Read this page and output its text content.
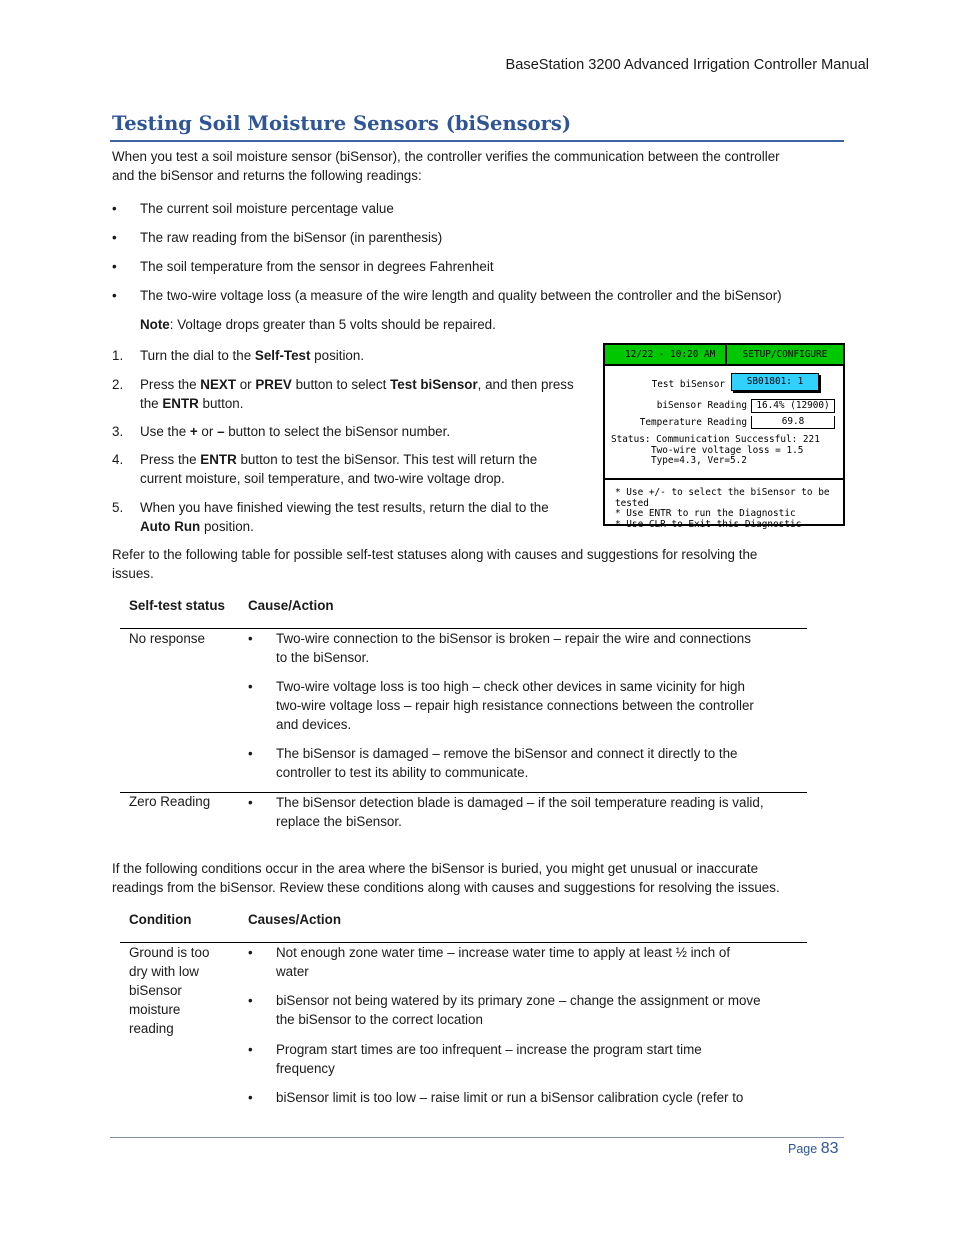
BaseStation 3200 Advanced Irrigation Controller Manual
Testing Soil Moisture Sensors (biSensors)
When you test a soil moisture sensor (biSensor), the controller verifies the communication between the controller
and the biSensor and returns the following readings:
• The current soil moisture percentage value
• The raw reading from the biSensor (in parenthesis)
• The soil temperature from the sensor in degrees Fahrenheit
• The two-wire voltage loss (a measure of the wire length and quality between the controller and the biSensor)
Note: Voltage drops greater than 5 volts should be repaired.
1. Turn the dial to the Self-Test position.
2. Press the NEXT or PREV button to select Test biSensor, and then press
the ENTR button.
3. Use the + or – button to select the biSensor number.
4. Press the ENTR button to test the biSensor. This test will return the
current moisture, soil temperature, and two-wire voltage drop.
5. When you have finished viewing the test results, return the dial to the
Auto Run position.
12/22 - 10:20 AM	SETUP/CONFIGURE
Test biSensor	SB01801: 1
biSensor Reading 16.4% (12900)
Temperature Reading	69.8
Status: Communication Successful: 221
Two-wire voltage loss = 1.5
Type=4.3, Ver=5.2
* Use +/- to select the biSensor to be tested
* Use ENTR to run the Diagnostic
* Use CLR to Exit this Diagnostic
Refer to the following table for possible self-test statuses along with causes and suggestions for resolving the
issues.
Self-test status Cause/Action
No response	• Two-wire connection to the biSensor is broken – repair the wire and connections
to the biSensor.
• Two-wire voltage loss is too high – check other devices in same vicinity for high
two-wire voltage loss – repair high resistance connections between the controller
and devices.
• The biSensor is damaged – remove the biSensor and connect it directly to the
controller to test its ability to communicate.
Zero Reading	• The biSensor detection blade is damaged – if the soil temperature reading is valid,
replace the biSensor.
If the following conditions occur in the area where the biSensor is buried, you might get unusual or inaccurate
readings from the biSensor. Review these conditions along with causes and suggestions for resolving the issues.
Condition	Causes/Action
Ground is too
dry with low
biSensor
moisture
reading
• Not enough zone water time – increase water time to apply at least ½ inch of
water
• biSensor not being watered by its primary zone – change the assignment or move
the biSensor to the correct location
• Program start times are too infrequent – increase the program start time
frequency
• biSensor limit is too low – raise limit or run a biSensor calibration cycle (refer to
Page 83
